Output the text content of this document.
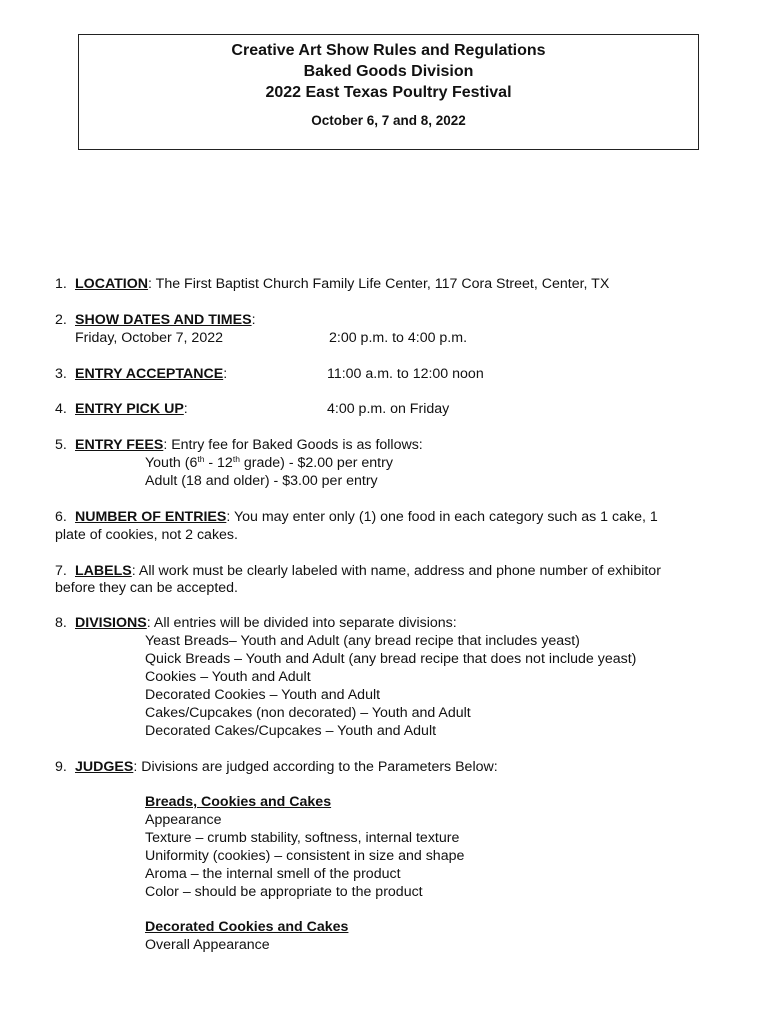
Creative Art Show Rules and Regulations
Baked Goods Division
2022 East Texas Poultry Festival
October 6, 7 and 8, 2022
1. LOCATION: The First Baptist Church Family Life Center, 117 Cora Street, Center, TX
2. SHOW DATES AND TIMES:
Friday, October 7, 2022	2:00 p.m. to 4:00 p.m.
3. ENTRY ACCEPTANCE:	11:00 a.m. to 12:00 noon
4. ENTRY PICK UP:	4:00 p.m. on Friday
5. ENTRY FEES: Entry fee for Baked Goods is as follows:
Youth (6th - 12th grade) - $2.00 per entry
Adult (18 and older) - $3.00 per entry
6. NUMBER OF ENTRIES: You may enter only (1) one food in each category such as 1 cake, 1
plate of cookies, not 2 cakes.
7. LABELS: All work must be clearly labeled with name, address and phone number of exhibitor
before they can be accepted.
8. DIVISIONS: All entries will be divided into separate divisions:
Yeast Breads– Youth and Adult (any bread recipe that includes yeast)
Quick Breads – Youth and Adult (any bread recipe that does not include yeast)
Cookies – Youth and Adult
Decorated Cookies – Youth and Adult
Cakes/Cupcakes (non decorated) – Youth and Adult
Decorated Cakes/Cupcakes – Youth and Adult
9. JUDGES: Divisions are judged according to the Parameters Below:
Breads, Cookies and Cakes
Appearance
Texture – crumb stability, softness, internal texture
Uniformity (cookies) – consistent in size and shape
Aroma – the internal smell of the product
Color – should be appropriate to the product
Decorated Cookies and Cakes
Overall Appearance
